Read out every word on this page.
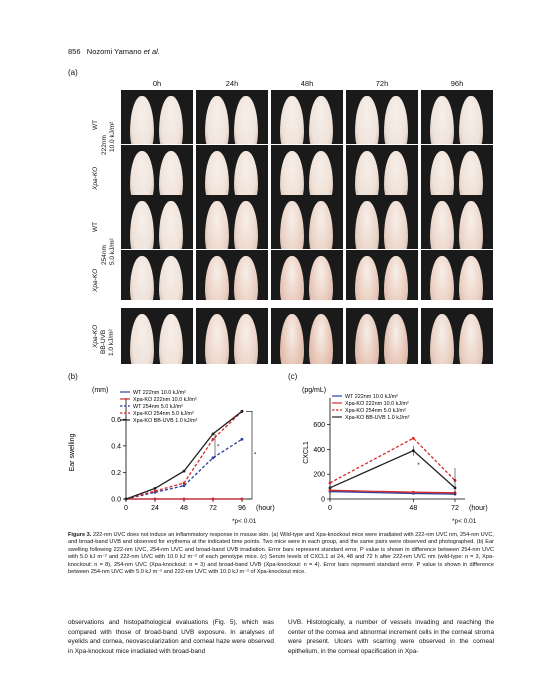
856 Nozomi Yamano et al.
(a)
0h	24h	48h	72h	96h
WT
Xpa-KO
222nm 10.0 kJ/m²
WT
Xpa-KO
254nm 5.0 kJ/m²
Xpa-KO BB-UVB 1.0 kJ/m²
(b)
0.0
0.2
0.4
0.6
0	24	48	72	96 (hour)
(mm)
Ear swelling
WT 222nm 10.0 kJ/m²
Xpa-KO 222nm 10.0 kJ/m²
WT 254nm 5.0 kJ/m²
Xpa-KO 254nm 5.0 kJ/m²
Xpa-KO BB-UVB 1.0 kJ/m²
*
*
*p< 0.01
(c)
0
200
400
600
0	48	72 (hour)
(pg/mL)
CXCL1
WT 222nm 10.0 kJ/m²
Xpa-KO 222nm 10.0 kJ/m²
Xpa-KO 254nm 5.0 kJ/m²
Xpa-KO BB-UVB 1.0 kJ/m²
*
*p< 0.01
Figure 3. 222-nm UVC does not induce an inflammatory response in mouse skin. (a) Wild-type and Xpa-knockout mice were irradiated with 222-nm UVC nm, 254-nm UVC, and broad-band UVB and observed for erythema at the indicated time points. Two mice were in each group, and the same pairs were observed and photographed. (b) Ear swelling following 222-nm UVC, 254-nm UVC and broad-band UVB irradiation. Error bars represent standard error. P value is shown in difference between 254-nm UVC with 5.0 kJ m⁻² and 222-nm UVC with 10.0 kJ m⁻² of each genotype mice. (c) Serum levels of CXCL1 at 24, 48 and 72 h after 222-nm UVC nm (wild-type: n = 3, Xpa-knockout: n = 8), 254-nm UVC (Xpa-knockout: n = 3) and broad-band UVB (Xpa-knockout: n = 4). Error bars represent standard error. P value is shown in difference between 254-nm UVC with 5.0 kJ m⁻² and 222-nm UVC with 10.0 kJ m⁻² of Xpa-knockout mice.
observations and histopathological evaluations (Fig. 5), which was compared with those of broad-band UVB exposure. In analyses of eyelids and cornea, neovascularization and corneal haze were observed in Xpa-knockout mice irradiated with broad-band
UVB. Histologically, a number of vessels invading and reaching the center of the cornea and abnormal increment cells in the corneal stroma were present. Ulcers with scarring were observed in the corneal epithelium, in the corneal opacification in Xpa-
